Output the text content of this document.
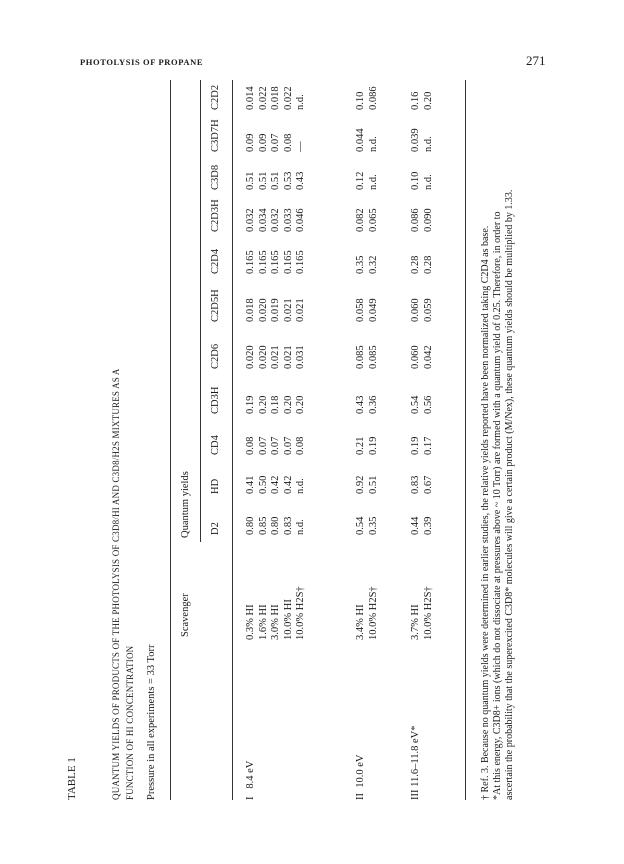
PHOTOLYSIS OF PROPANE	271
TABLE 1	QUANTUM YIELDS OF PRODUCTS OF THE PHOTOLYSIS OF C3D8/HI AND C3D8/H2S MIXTURES AS A FUNCTION OF HI CONCENTRATION Pressure in all experiments = 33 Torr
Scavenger
Quantum yields D2
HD
CD4
CD3H
C2D6
C2D5H
C2D4
C2D3H
C3D8
C3D7H
C2D2
I   8.4 eV
0.3% HI 1.6% HI 3.0% HI 10.0% HI 10.0% H2S†
0.80 0.85 0.80 0.83 n.d.
0.41 0.50 0.42 0.42 n.d.
0.08 0.07 0.07 0.07 0.08
0.19 0.20 0.18 0.20 0.20
0.020 0.020 0.021 0.021 0.031
0.018 0.020 0.019 0.021 0.021
0.165 0.165 0.165 0.165 0.165
0.032 0.034 0.032 0.033 0.046
0.51 0.51 0.51 0.53 0.43
0.09 0.09 0.07 0.08 —
0.014 0.022 0.018 0.022 n.d.
II  10.0 eV
3.4% HI 10.0% H2S†
0.54 0.35
0.92 0.51
0.21 0.19
0.43 0.36
0.085 0.085
0.058 0.049
0.35 0.32
0.082 0.065
0.12 n.d.
0.044 n.d.
0.10 0.086
III 11.6–11.8 eV*
3.7% HI 10.0% H2S†
0.44 0.39
0.83 0.67
0.19 0.17
0.54 0.56
0.060 0.042
0.060 0.059
0.28 0.28
0.086 0.090
0.10 n.d.
0.039 n.d.
0.16 0.20
† Ref. 3. Because no quantum yields were determined in earlier studies, the relative yields reported have been normalized taking C2D4 as base. *At this energy, C3D8+ ions (which do not dissociate at pressures above ~ 10 Torr) are formed with a quantum yield of 0.25. Therefore, in order to ascertain the probability that the superexcited C3D8* molecules will give a certain product (M/Nex), these quantum yields should be multiplied by 1.33.
